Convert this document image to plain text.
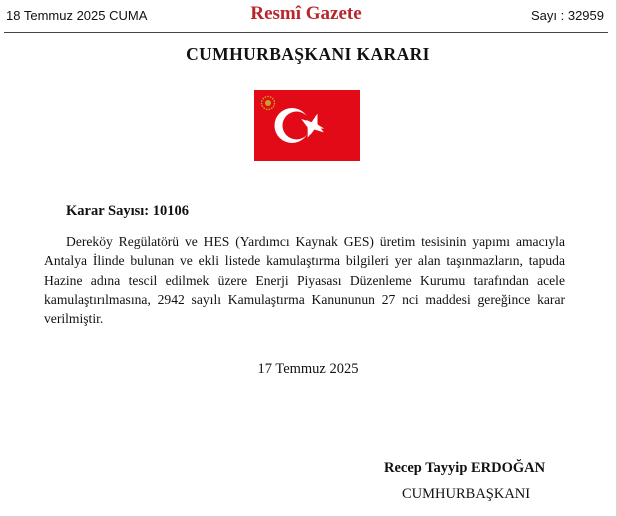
18 Temmuz 2025 CUMA	Resmî Gazete	Sayı : 32959
CUMHURBAŞKANI KARARI
Karar Sayısı: 10106

Dereköy Regülatörü ve HES (Yardımcı Kaynak GES) üretim tesisinin yapımı amacıyla Antalya İlinde bulunan ve ekli listede kamulaştırma bilgileri yer alan taşınmazların, tapuda Hazine adına tescil edilmek üzere Enerji Piyasası Düzenleme Kurumu tarafından acele kamulaştırılmasına, 2942 sayılı Kamulaştırma Kanununun 27 nci maddesi gereğince karar verilmiştir.

17 Temmuz 2025
Recep Tayyip ERDOĞAN
CUMHURBAŞKANI
